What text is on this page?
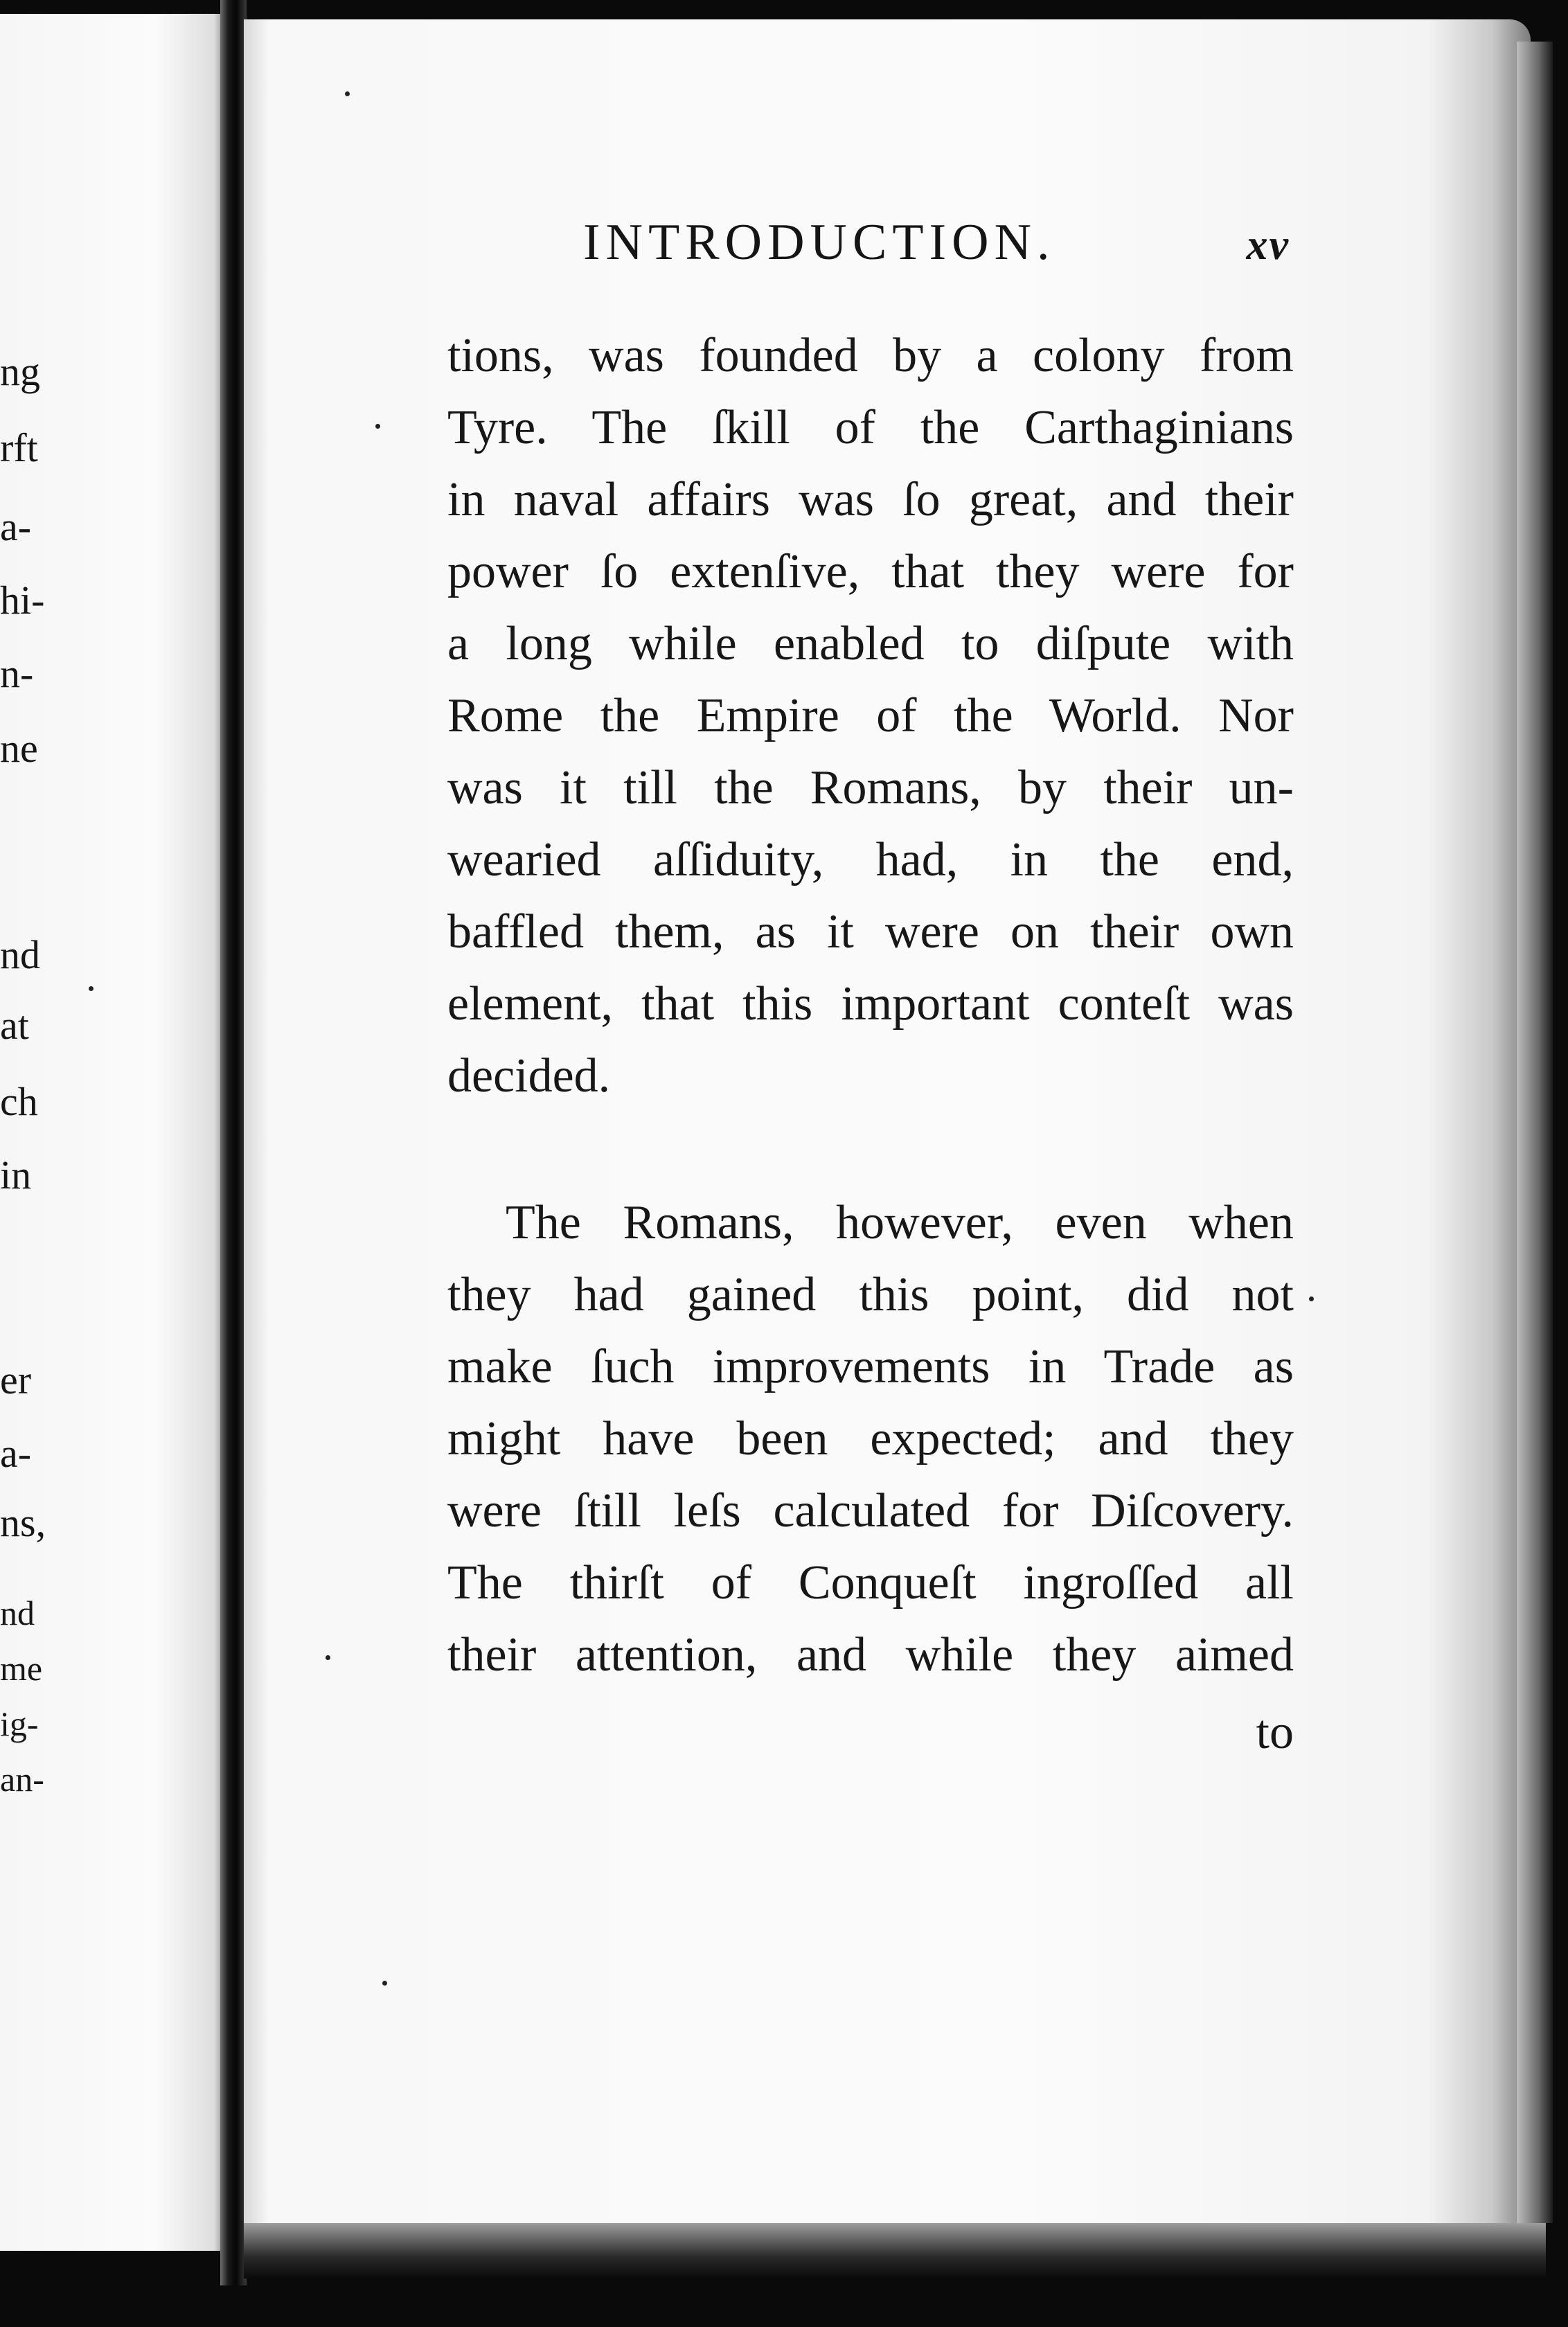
ng
rft
a-
hi-
n-
ne
nd
at
ch
in
er
a-
ns,
nd
me
ig-
an-
INTRODUCTION.	xv
tions, was founded by a colony from
Tyre. The ſkill of the Carthaginians
in naval affairs was ſo great, and their
power ſo extenſive, that they were for
a long while enabled to diſpute with
Rome the Empire of the World. Nor
was it till the Romans, by their un-
wearied aſſiduity, had, in the end,
baffled them, as it were on their own
element, that this important conteſt was
decided.
The Romans, however, even when
they had gained this point, did not
make ſuch improvements in Trade as
might have been expected; and they
were ſtill leſs calculated for Diſcovery.
The thirſt of Conqueſt ingroſſed all
their attention, and while they aimed
to
